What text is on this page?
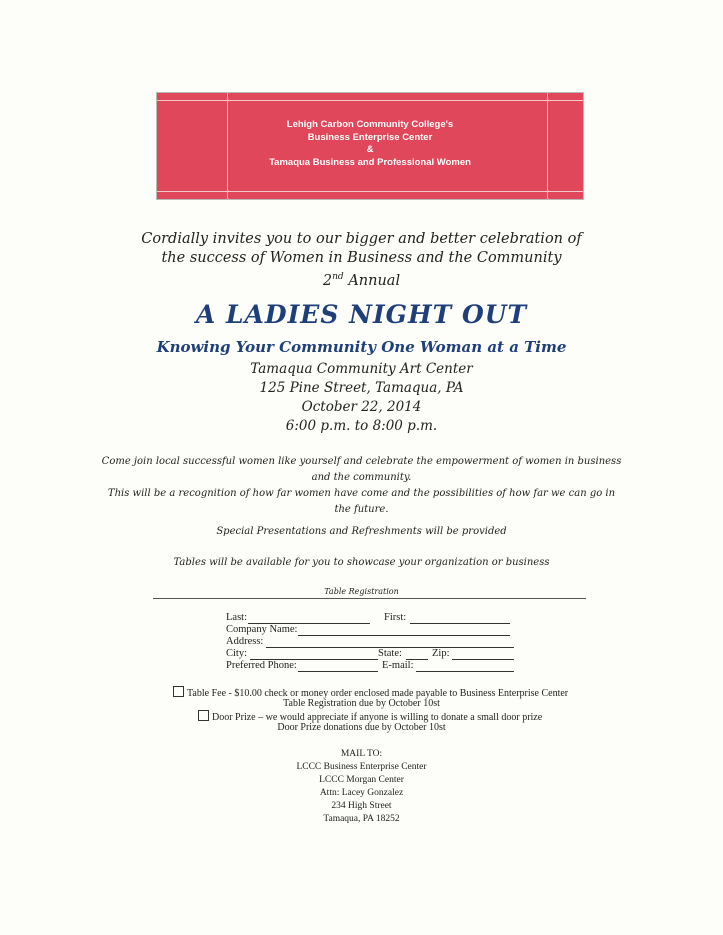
Lehigh Carbon Community College's
Business Enterprise Center
&
Tamaqua Business and Professional Women
Cordially invites you to our bigger and better celebration of
the success of Women in Business and the Community
2nd Annual
A LADIES NIGHT OUT
Knowing Your Community One Woman at a Time
Tamaqua Community Art Center
125 Pine Street, Tamaqua, PA
October 22, 2014
6:00 p.m. to 8:00 p.m.
Come join local successful women like yourself and celebrate the empowerment of women in business
and the community.
This will be a recognition of how far women have come and the possibilities of how far we can go in
the future.
Special Presentations and Refreshments will be provided
Tables will be available for you to showcase your organization or business
Table Registration
Last:	First:
Company Name:
Address:
City:	State:	Zip:
Preferred Phone:	E-mail:
Table Fee - $10.00 check or money order enclosed made payable to Business Enterprise Center
Table Registration due by October 10st
Door Prize – we would appreciate if anyone is willing to donate a small door prize
Door Prize donations due by October 10st
MAIL TO:
LCCC Business Enterprise Center
LCCC Morgan Center
Attn: Lacey Gonzalez
234 High Street
Tamaqua, PA 18252
